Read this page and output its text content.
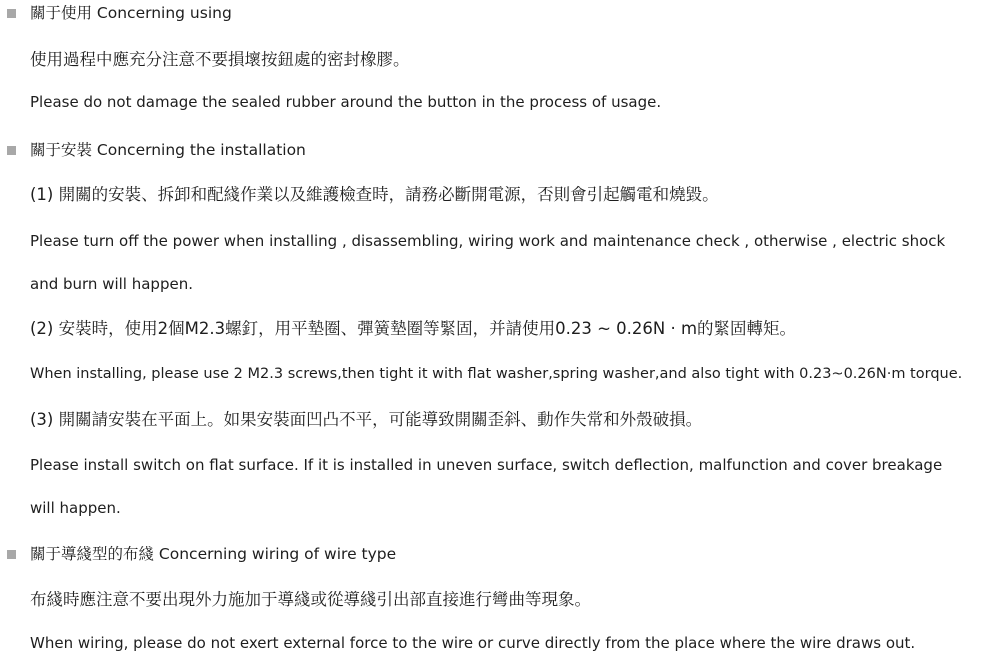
關于使用 Concerning using
使用過程中應充分注意不要損壞按鈕處的密封橡膠。
Please do not damage the sealed rubber around the button in the process of usage.
關于安裝 Concerning the installation
(1) 開關的安裝、拆卸和配綫作業以及維護檢查時，請務必斷開電源，否則會引起觸電和燒毀。
Please turn off the power when installing , disassembling, wiring work and maintenance check , otherwise , electric shock
and burn will happen.
(2) 安裝時，使用2個M2.3螺釘，用平墊圈、彈簧墊圈等緊固，并請使用0.23 ~ 0.26N · m的緊固轉矩。
When installing, please use 2 M2.3 screws,then tight it with flat washer,spring washer,and also tight with 0.23~0.26N·m torque.
(3) 開關請安裝在平面上。如果安裝面凹凸不平，可能導致開關歪斜、動作失常和外殼破損。
Please install switch on flat surface. If it is installed in uneven surface, switch deflection, malfunction and cover breakage
will happen.
關于導綫型的布綫 Concerning wiring of wire type
布綫時應注意不要出現外力施加于導綫或從導綫引出部直接進行彎曲等現象。
When wiring, please do not exert external force to the wire or curve directly from the place where the wire draws out.
